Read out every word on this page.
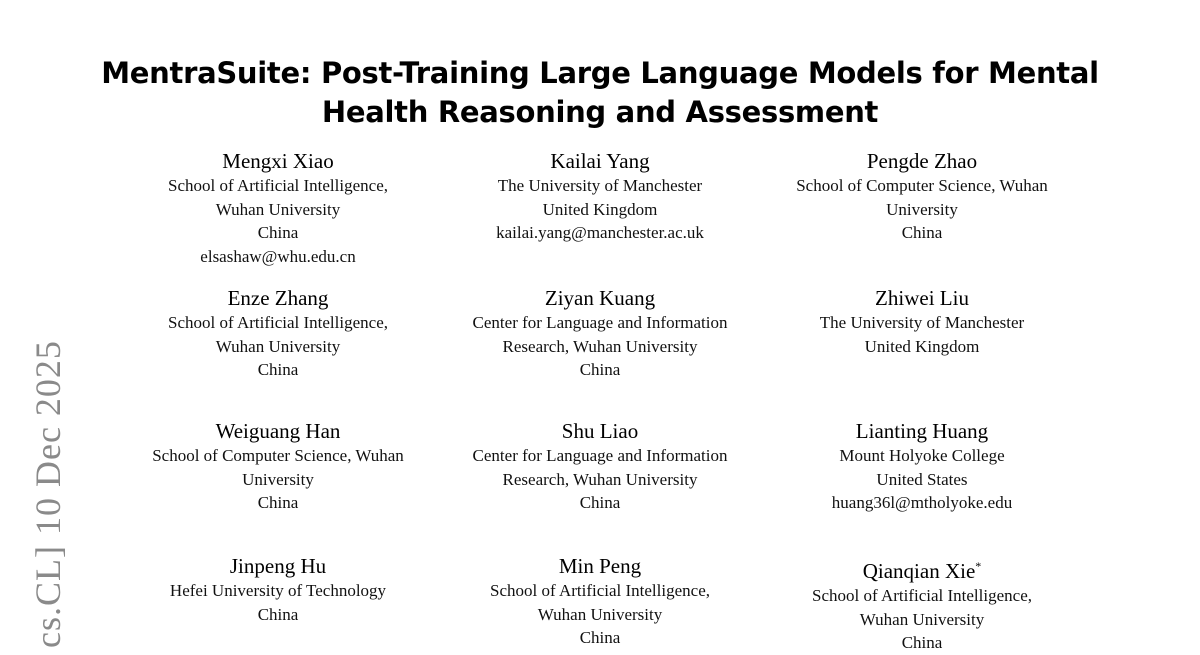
cs.CL] 10 Dec 2025
MentraSuite: Post-Training Large Language Models for Mental
Health Reasoning and Assessment
Mengxi Xiao
School of Artificial Intelligence,
Wuhan University
China
elsashaw@whu.edu.cn
Kailai Yang
The University of Manchester
United Kingdom
kailai.yang@manchester.ac.uk
Pengde Zhao
School of Computer Science, Wuhan
University
China
Enze Zhang
School of Artificial Intelligence,
Wuhan University
China
Ziyan Kuang
Center for Language and Information
Research, Wuhan University
China
Zhiwei Liu
The University of Manchester
United Kingdom
Weiguang Han
School of Computer Science, Wuhan
University
China
Shu Liao
Center for Language and Information
Research, Wuhan University
China
Lianting Huang
Mount Holyoke College
United States
huang36l@mtholyoke.edu
Jinpeng Hu
Hefei University of Technology
China
Min Peng
School of Artificial Intelligence,
Wuhan University
China
Qianqian Xie*
School of Artificial Intelligence,
Wuhan University
China
